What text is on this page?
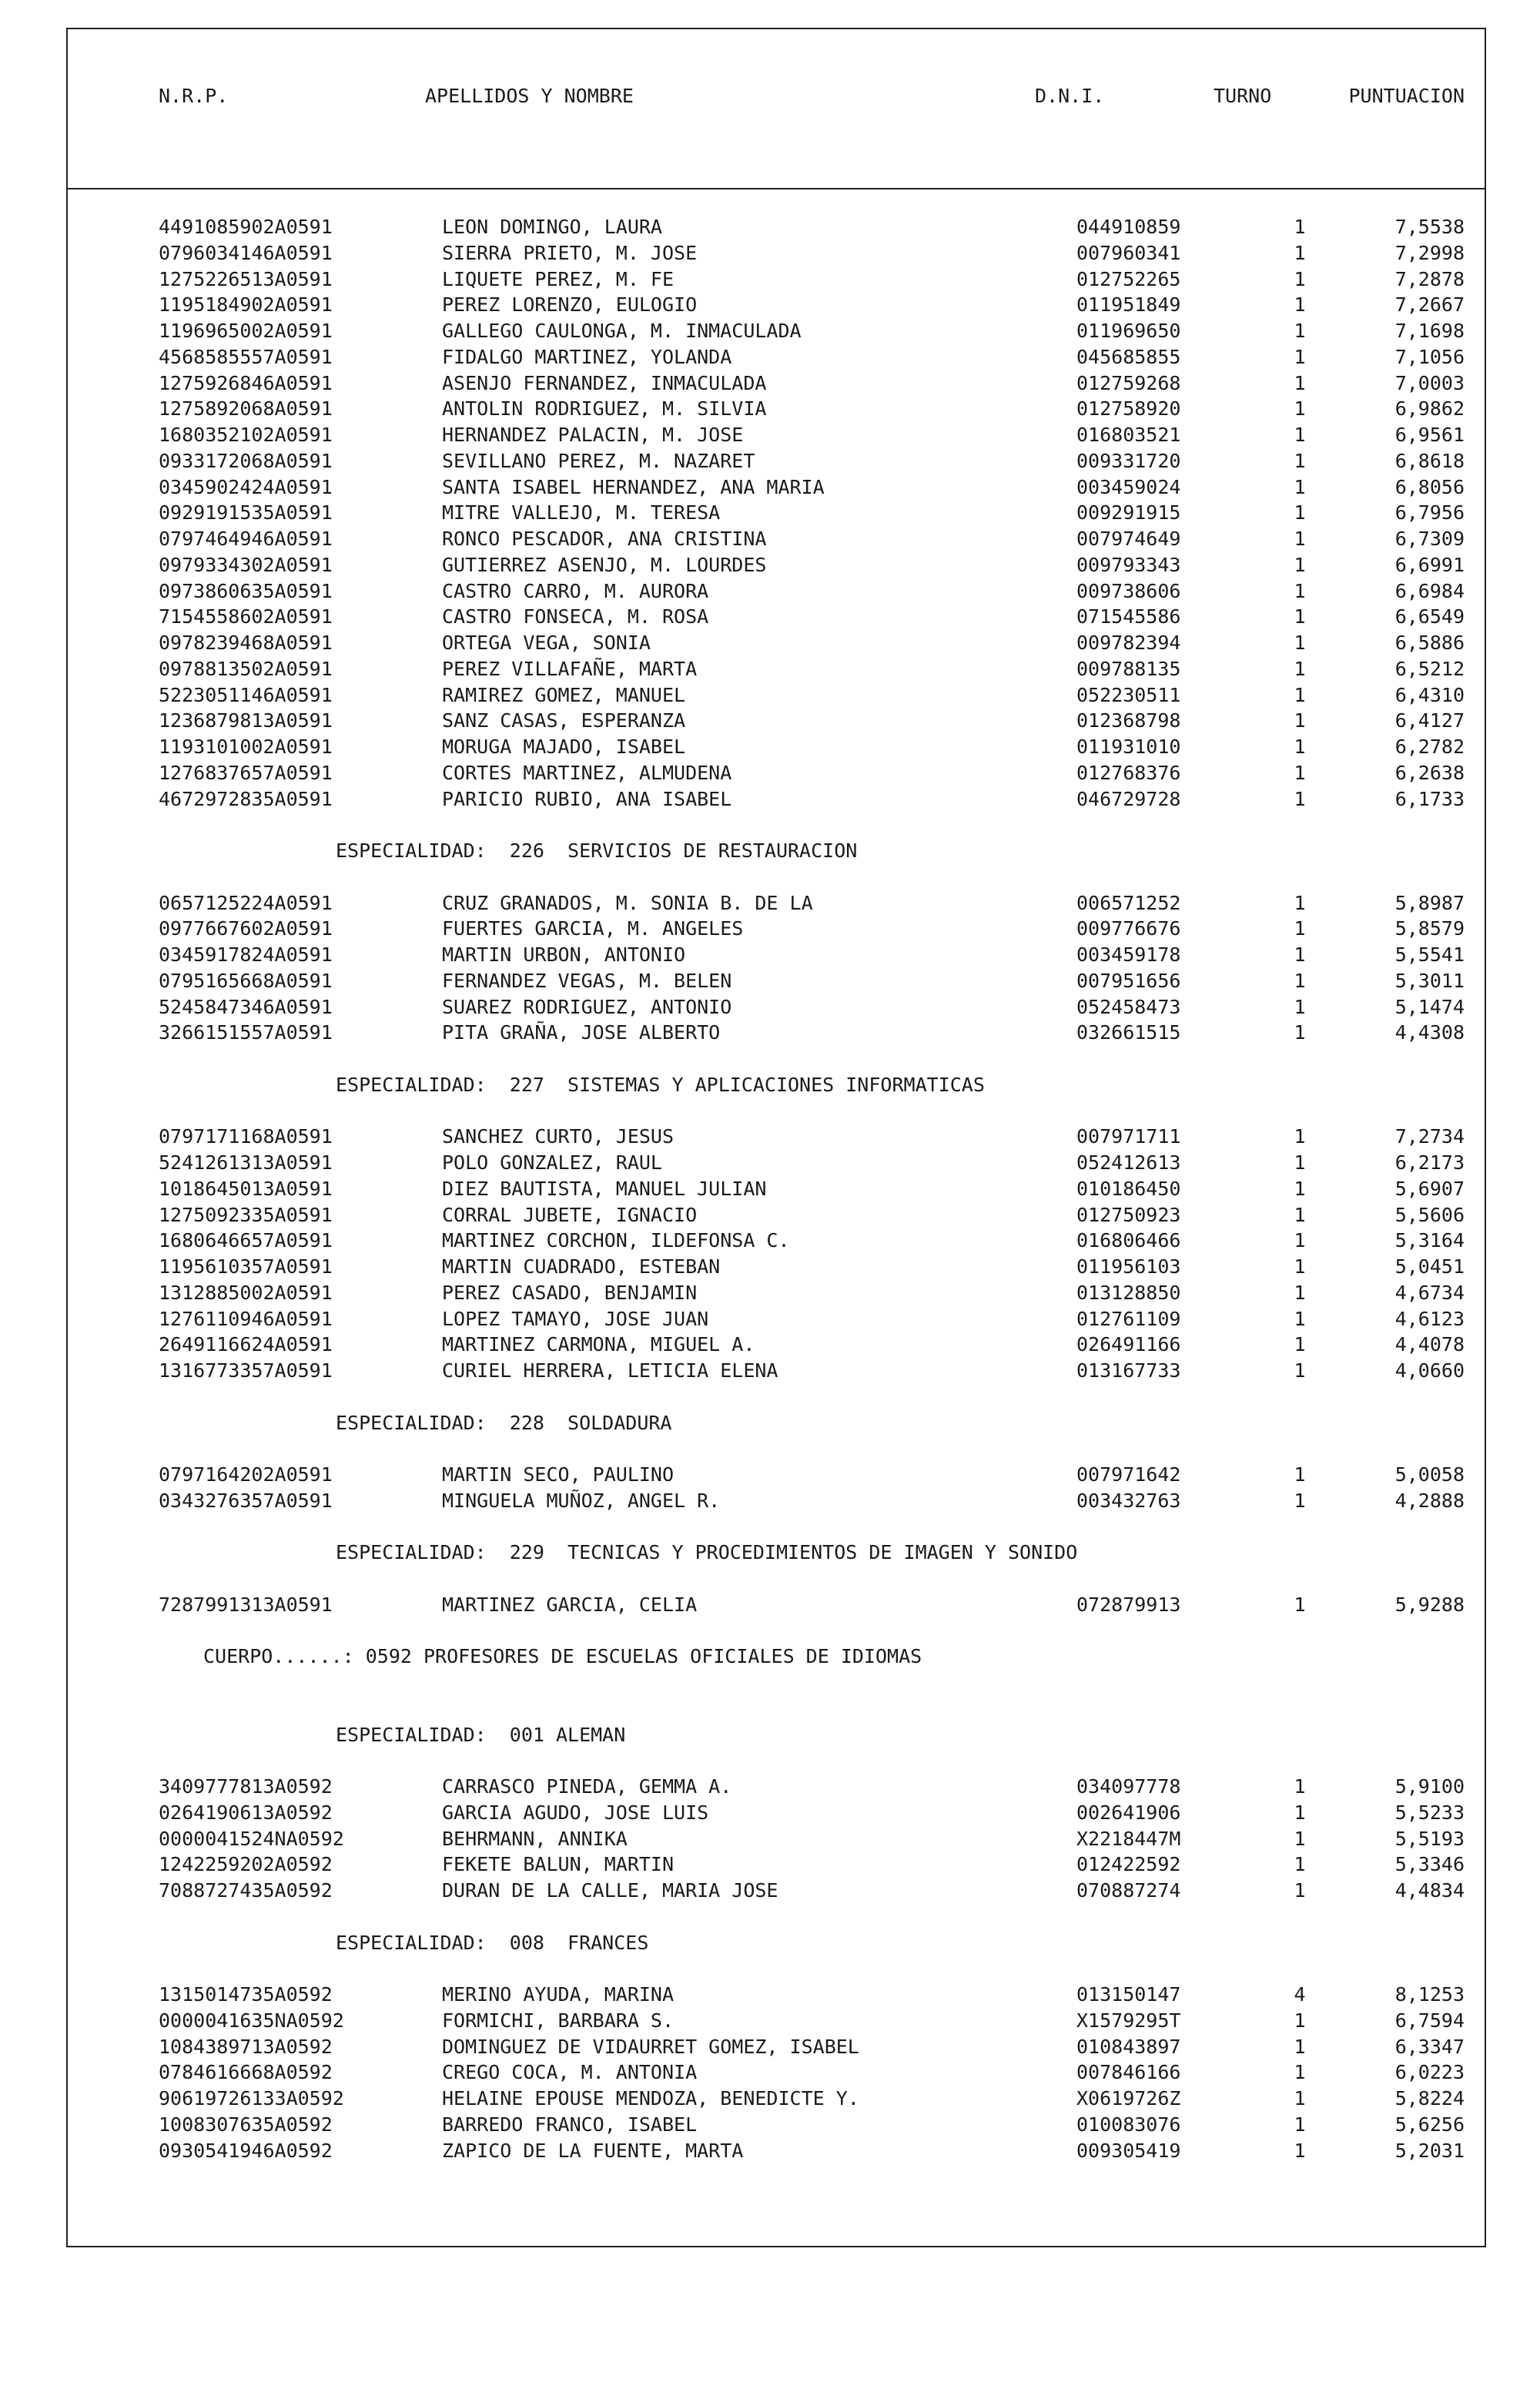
N.R.P.	APELLIDOS Y NOMBRE	D.N.I.	TURNO	PUNTUACION
4491085902A0591	LEON DOMINGO, LAURA	044910859	1	7,5538
0796034146A0591	SIERRA PRIETO, M. JOSE	007960341	1	7,2998
1275226513A0591	LIQUETE PEREZ, M. FE	012752265	1	7,2878
1195184902A0591	PEREZ LORENZO, EULOGIO	011951849	1	7,2667
1196965002A0591	GALLEGO CAULONGA, M. INMACULADA	011969650	1	7,1698
4568585557A0591	FIDALGO MARTINEZ, YOLANDA	045685855	1	7,1056
1275926846A0591	ASENJO FERNANDEZ, INMACULADA	012759268	1	7,0003
1275892068A0591	ANTOLIN RODRIGUEZ, M. SILVIA	012758920	1	6,9862
1680352102A0591	HERNANDEZ PALACIN, M. JOSE	016803521	1	6,9561
0933172068A0591	SEVILLANO PEREZ, M. NAZARET	009331720	1	6,8618
0345902424A0591	SANTA ISABEL HERNANDEZ, ANA MARIA	003459024	1	6,8056
0929191535A0591	MITRE VALLEJO, M. TERESA	009291915	1	6,7956
0797464946A0591	RONCO PESCADOR, ANA CRISTINA	007974649	1	6,7309
0979334302A0591	GUTIERREZ ASENJO, M. LOURDES	009793343	1	6,6991
0973860635A0591	CASTRO CARRO, M. AURORA	009738606	1	6,6984
7154558602A0591	CASTRO FONSECA, M. ROSA	071545586	1	6,6549
0978239468A0591	ORTEGA VEGA, SONIA	009782394	1	6,5886
0978813502A0591	PEREZ VILLAFAÑE, MARTA	009788135	1	6,5212
5223051146A0591	RAMIREZ GOMEZ, MANUEL	052230511	1	6,4310
1236879813A0591	SANZ CASAS, ESPERANZA	012368798	1	6,4127
1193101002A0591	MORUGA MAJADO, ISABEL	011931010	1	6,2782
1276837657A0591	CORTES MARTINEZ, ALMUDENA	012768376	1	6,2638
4672972835A0591	PARICIO RUBIO, ANA ISABEL	046729728	1	6,1733
ESPECIALIDAD:  226  SERVICIOS DE RESTAURACION
0657125224A0591	CRUZ GRANADOS, M. SONIA B. DE LA	006571252	1	5,8987
0977667602A0591	FUERTES GARCIA, M. ANGELES	009776676	1	5,8579
0345917824A0591	MARTIN URBON, ANTONIO	003459178	1	5,5541
0795165668A0591	FERNANDEZ VEGAS, M. BELEN	007951656	1	5,3011
5245847346A0591	SUAREZ RODRIGUEZ, ANTONIO	052458473	1	5,1474
3266151557A0591	PITA GRAÑA, JOSE ALBERTO	032661515	1	4,4308
ESPECIALIDAD:  227  SISTEMAS Y APLICACIONES INFORMATICAS
0797171168A0591	SANCHEZ CURTO, JESUS	007971711	1	7,2734
5241261313A0591	POLO GONZALEZ, RAUL	052412613	1	6,2173
1018645013A0591	DIEZ BAUTISTA, MANUEL JULIAN	010186450	1	5,6907
1275092335A0591	CORRAL JUBETE, IGNACIO	012750923	1	5,5606
1680646657A0591	MARTINEZ CORCHON, ILDEFONSA C.	016806466	1	5,3164
1195610357A0591	MARTIN CUADRADO, ESTEBAN	011956103	1	5,0451
1312885002A0591	PEREZ CASADO, BENJAMIN	013128850	1	4,6734
1276110946A0591	LOPEZ TAMAYO, JOSE JUAN	012761109	1	4,6123
2649116624A0591	MARTINEZ CARMONA, MIGUEL A.	026491166	1	4,4078
1316773357A0591	CURIEL HERRERA, LETICIA ELENA	013167733	1	4,0660
ESPECIALIDAD:  228  SOLDADURA
0797164202A0591	MARTIN SECO, PAULINO	007971642	1	5,0058
0343276357A0591	MINGUELA MUÑOZ, ANGEL R.	003432763	1	4,2888
ESPECIALIDAD:  229  TECNICAS Y PROCEDIMIENTOS DE IMAGEN Y SONIDO
7287991313A0591	MARTINEZ GARCIA, CELIA	072879913	1	5,9288
CUERPO......: 0592 PROFESORES DE ESCUELAS OFICIALES DE IDIOMAS
ESPECIALIDAD:  001 ALEMAN
3409777813A0592	CARRASCO PINEDA, GEMMA A.	034097778	1	5,9100
0264190613A0592	GARCIA AGUDO, JOSE LUIS	002641906	1	5,5233
0000041524NA0592	BEHRMANN, ANNIKA	X2218447M	1	5,5193
1242259202A0592	FEKETE BALUN, MARTIN	012422592	1	5,3346
7088727435A0592	DURAN DE LA CALLE, MARIA JOSE	070887274	1	4,4834
ESPECIALIDAD:  008  FRANCES
1315014735A0592	MERINO AYUDA, MARINA	013150147	4	8,1253
0000041635NA0592	FORMICHI, BARBARA S.	X1579295T	1	6,7594
1084389713A0592	DOMINGUEZ DE VIDAURRET GOMEZ, ISABEL	010843897	1	6,3347
0784616668A0592	CREGO COCA, M. ANTONIA	007846166	1	6,0223
90619726133A0592	HELAINE EPOUSE MENDOZA, BENEDICTE Y.	X0619726Z	1	5,8224
1008307635A0592	BARREDO FRANCO, ISABEL	010083076	1	5,6256
0930541946A0592	ZAPICO DE LA FUENTE, MARTA	009305419	1	5,2031
